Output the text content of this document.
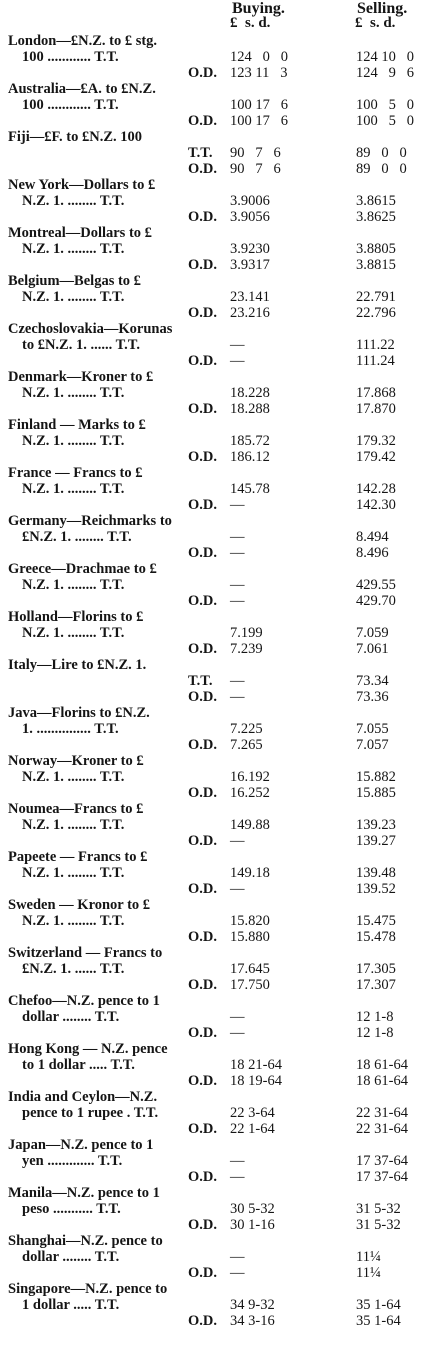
Buying.	Selling.
£  s. d.	£  s. d.
London—£N.Z. to £ stg.
100 ............ T.T.	124   0   0	124 10   0
O.D. 123 11   3	124   9   6
Australia—£A. to £N.Z.
100 ............ T.T.	100 17   6	100   5   0
O.D. 100 17   6	100   5   0
Fiji—£F. to £N.Z. 100
T.T. 90   7   6	89   0   0
O.D. 90   7   6	89   0   0
New York—Dollars to £
N.Z. 1. ........ T.T.	3.9006	3.8615
O.D. 3.9056	3.8625
Montreal—Dollars to £
N.Z. 1. ........ T.T.	3.9230	3.8805
O.D. 3.9317	3.8815
Belgium—Belgas to £
N.Z. 1. ........ T.T.	23.141	22.791
O.D. 23.216	22.796
Czechoslovakia—Korunas
to £N.Z. 1. ...... T.T.	—	111.22
O.D. —	111.24
Denmark—Kroner to £
N.Z. 1. ........ T.T.	18.228	17.868
O.D. 18.288	17.870
Finland — Marks to £
N.Z. 1. ........ T.T.	185.72	179.32
O.D. 186.12	179.42
France — Francs to £
N.Z. 1. ........ T.T.	145.78	142.28
O.D. —	142.30
Germany—Reichmarks to
£N.Z. 1. ........ T.T.	—	8.494
O.D. —	8.496
Greece—Drachmae to £
N.Z. 1. ........ T.T.	—	429.55
O.D. —	429.70
Holland—Florins to £
N.Z. 1. ........ T.T.	7.199	7.059
O.D. 7.239	7.061
Italy—Lire to £N.Z. 1.
T.T. —	73.34
O.D. —	73.36
Java—Florins to £N.Z.
1. ............... T.T.	7.225	7.055
O.D. 7.265	7.057
Norway—Kroner to £
N.Z. 1. ........ T.T.	16.192	15.882
O.D. 16.252	15.885
Noumea—Francs to £
N.Z. 1. ........ T.T.	149.88	139.23
O.D. —	139.27
Papeete — Francs to £
N.Z. 1. ........ T.T.	149.18	139.48
O.D. —	139.52
Sweden — Kronor to £
N.Z. 1. ........ T.T.	15.820	15.475
O.D. 15.880	15.478
Switzerland — Francs to
£N.Z. 1. ...... T.T.	17.645	17.305
O.D. 17.750	17.307
Chefoo—N.Z. pence to 1
dollar ........ T.T.	—	12 1-8
O.D. —	12 1-8
Hong Kong — N.Z. pence
to 1 dollar ..... T.T.	18 21-64	18 61-64
O.D. 18 19-64	18 61-64
India and Ceylon—N.Z.
pence to 1 rupee . T.T.	22 3-64	22 31-64
O.D. 22 1-64	22 31-64
Japan—N.Z. pence to 1
yen ............. T.T.	—	17 37-64
O.D. —	17 37-64
Manila—N.Z. pence to 1
peso ........... T.T.	30 5-32	31 5-32
O.D. 30 1-16	31 5-32
Shanghai—N.Z. pence to
dollar ........ T.T.	—	11¼
O.D. —	11¼
Singapore—N.Z. pence to
1 dollar ..... T.T.	34 9-32	35 1-64
O.D. 34 3-16	35 1-64
